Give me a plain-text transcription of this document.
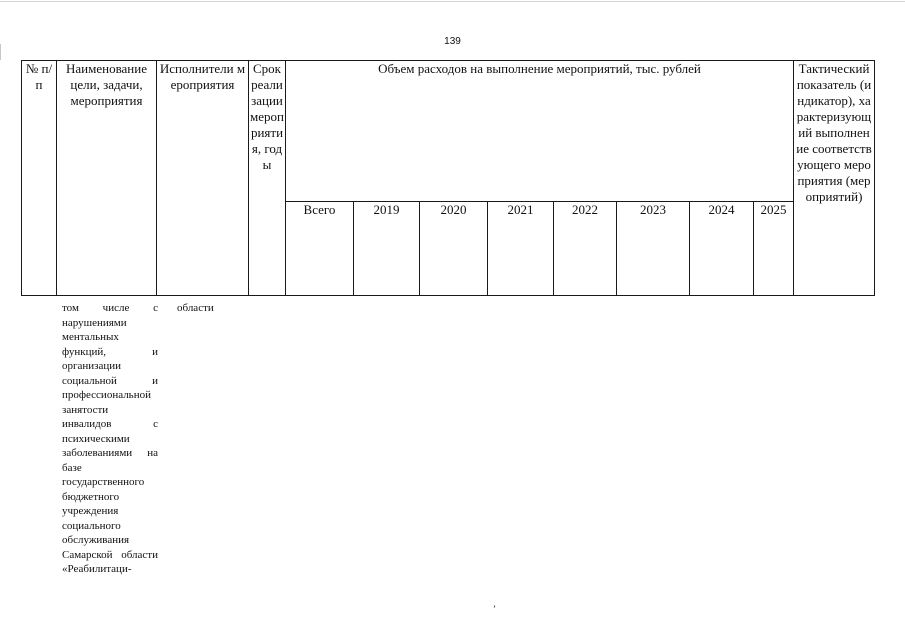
139
№ п/п	Наименование цели, задачи, мероприятия	Исполнители мероприятия	Срок реализации мероприятия, годы	Объем расходов на выполнение мероприятий, тыс. рублей								Тактический показатель (индикатор), характеризующий выполнение соответствующего мероприятия (мероприятий)
				Всего	2019	2020	2021	2022	2023	2024	2025	
том числе с нарушениями ментальных функций, и организации социальной и профессиональной занятости инвалидов с психическими заболеваниями на базе государственного бюджетного учреждения социального обслуживания Самарской области «Реабилитаци-
области
ʼ
